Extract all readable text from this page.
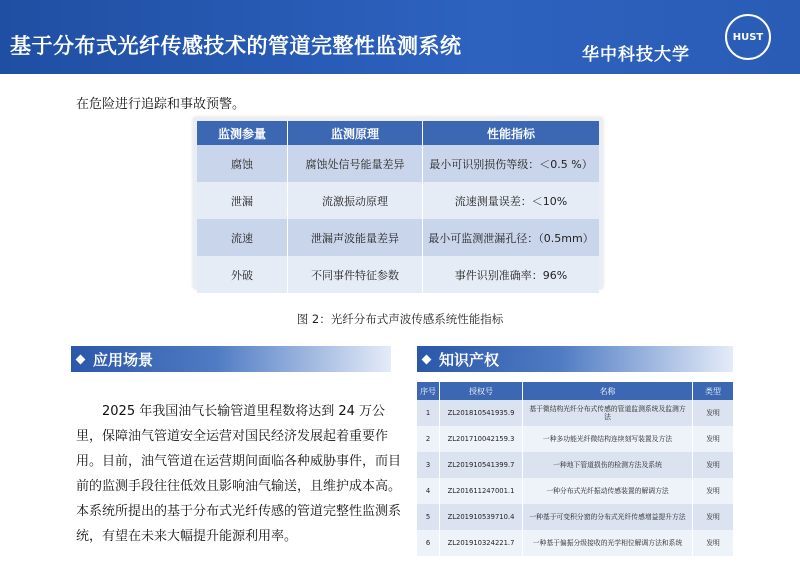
基于分布式光纤传感技术的管道完整性监测系统	华中科技大学
HUST
在危险进行追踪和事故预警。
监测参量	监测原理	性能指标
腐蚀	腐蚀处信号能量差异	最小可识别损伤等级：＜0.5 %）
泄漏	流激振动原理	流速测量误差：＜10%
流速	泄漏声波能量差异	最小可监测泄漏孔径：（0.5mm）
外破	不同事件特征参数	事件识别准确率：96%
图 2：光纤分布式声波传感系统性能指标
应用场景
2025 年我国油气长输管道里程数将达到 24 万公里，保障油气管道安全运营对国民经济发展起着重要作用。目前，油气管道在运营期间面临各种威胁事件，而目前的监测手段往往低效且影响油气输送，且维护成本高。本系统所提出的基于分布式光纤传感的管道完整性监测系统，有望在未来大幅提升能源利用率。
知识产权
序号	授权号	名称	类型
1	ZL201810541935.9	基于微结构光纤分布式传感的管道监测系统及监测方法	发明
2	ZL201710042159.3	一种多功能光纤微结构连续刻写装置及方法	发明
3	ZL201910541399.7	一种地下管道损伤的检测方法及系统	发明
4	ZL201611247001.1	一种分布式光纤振动传感装置的解调方法	发明
5	ZL201910539710.4	一种基于可变积分窗的分布式光纤传感增益提升方法	发明
6	ZL201910324221.7	一种基于偏振分级接收的光学相位解调方法和系统	发明
